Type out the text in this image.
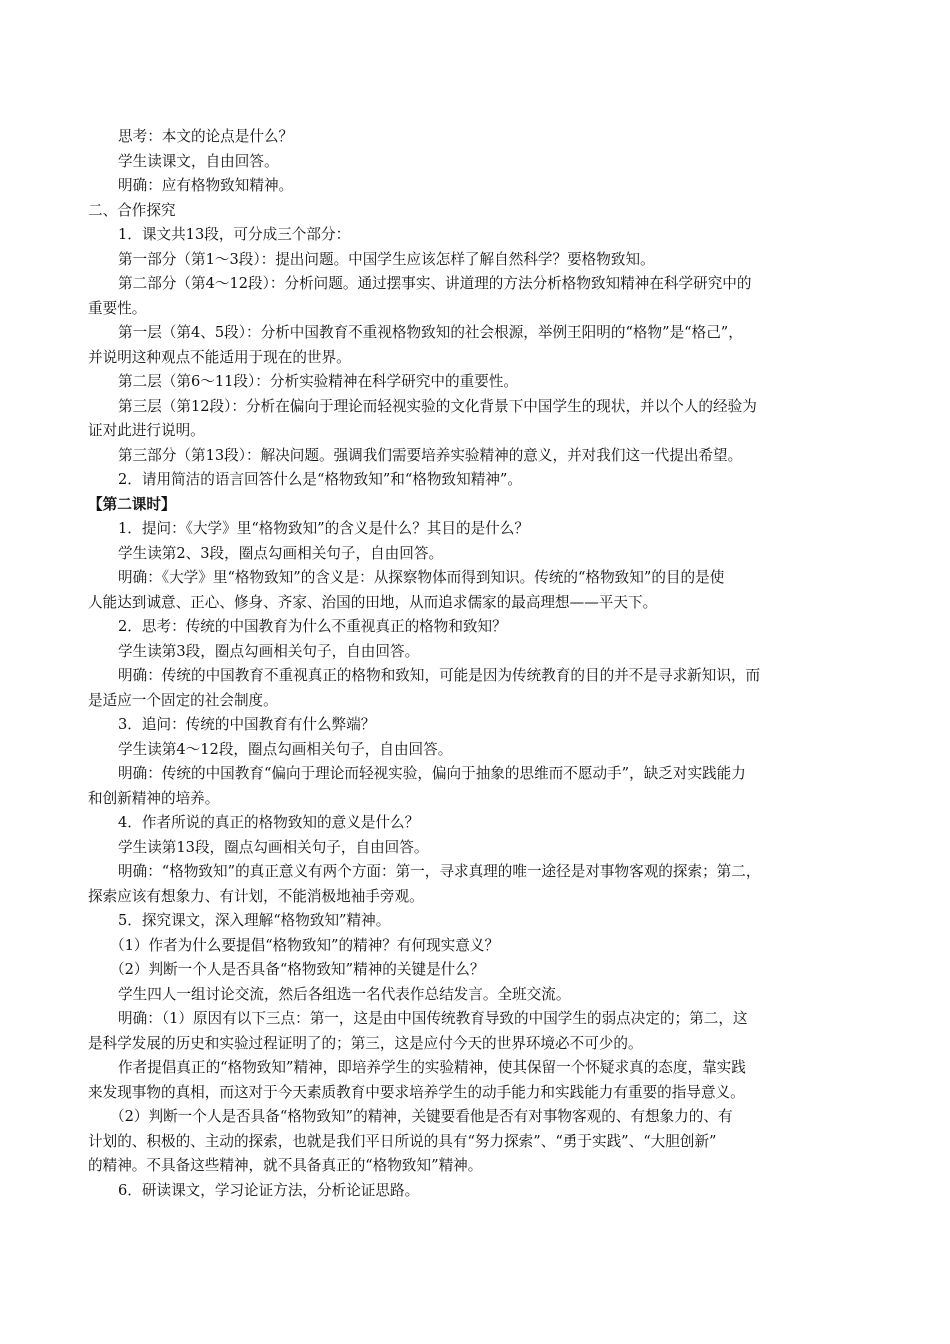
思考：本文的论点是什么？
学生读课文，自由回答。
明确：应有格物致知精神。
二、合作探究
1．课文共13段，可分成三个部分：
第一部分（第1～3段）：提出问题。中国学生应该怎样了解自然科学？要格物致知。
第二部分（第4～12段）：分析问题。通过摆事实、讲道理的方法分析格物致知精神在科学研究中的
重要性。
第一层（第4、5段）：分析中国教育不重视格物致知的社会根源，举例王阳明的“格物”是“格己”，
并说明这种观点不能适用于现在的世界。
第二层（第6～11段）：分析实验精神在科学研究中的重要性。
第三层（第12段）：分析在偏向于理论而轻视实验的文化背景下中国学生的现状，并以个人的经验为
证对此进行说明。
第三部分（第13段）：解决问题。强调我们需要培养实验精神的意义，并对我们这一代提出希望。
2．请用简洁的语言回答什么是“格物致知”和“格物致知精神”。
【第二课时】
1．提问：《大学》里“格物致知”的含义是什么？其目的是什么？
学生读第2、3段，圈点勾画相关句子，自由回答。
明确：《大学》里“格物致知”的含义是：从探察物体而得到知识。传统的“格物致知”的目的是使
人能达到诚意、正心、修身、齐家、治国的田地，从而追求儒家的最高理想——平天下。
2．思考：传统的中国教育为什么不重视真正的格物和致知？
学生读第3段，圈点勾画相关句子，自由回答。
明确：传统的中国教育不重视真正的格物和致知，可能是因为传统教育的目的并不是寻求新知识，而
是适应一个固定的社会制度。
3．追问：传统的中国教育有什么弊端？
学生读第4～12段，圈点勾画相关句子，自由回答。
明确：传统的中国教育“偏向于理论而轻视实验，偏向于抽象的思维而不愿动手”，缺乏对实践能力
和创新精神的培养。
4．作者所说的真正的格物致知的意义是什么？
学生读第13段，圈点勾画相关句子，自由回答。
明确：“格物致知”的真正意义有两个方面：第一，寻求真理的唯一途径是对事物客观的探索；第二，
探索应该有想象力、有计划，不能消极地袖手旁观。
5．探究课文，深入理解“格物致知”精神。
（1）作者为什么要提倡“格物致知”的精神？有何现实意义？
（2）判断一个人是否具备“格物致知”精神的关键是什么？
学生四人一组讨论交流，然后各组选一名代表作总结发言。全班交流。
明确：（1）原因有以下三点：第一，这是由中国传统教育导致的中国学生的弱点决定的；第二，这
是科学发展的历史和实验过程证明了的；第三，这是应付今天的世界环境必不可少的。
作者提倡真正的“格物致知”精神，即培养学生的实验精神，使其保留一个怀疑求真的态度，靠实践
来发现事物的真相，而这对于今天素质教育中要求培养学生的动手能力和实践能力有重要的指导意义。
（2）判断一个人是否具备“格物致知”的精神，关键要看他是否有对事物客观的、有想象力的、有
计划的、积极的、主动的探索，也就是我们平日所说的具有“努力探索”、“勇于实践”、“大胆创新”
的精神。不具备这些精神，就不具备真正的“格物致知”精神。
6．研读课文，学习论证方法，分析论证思路。
